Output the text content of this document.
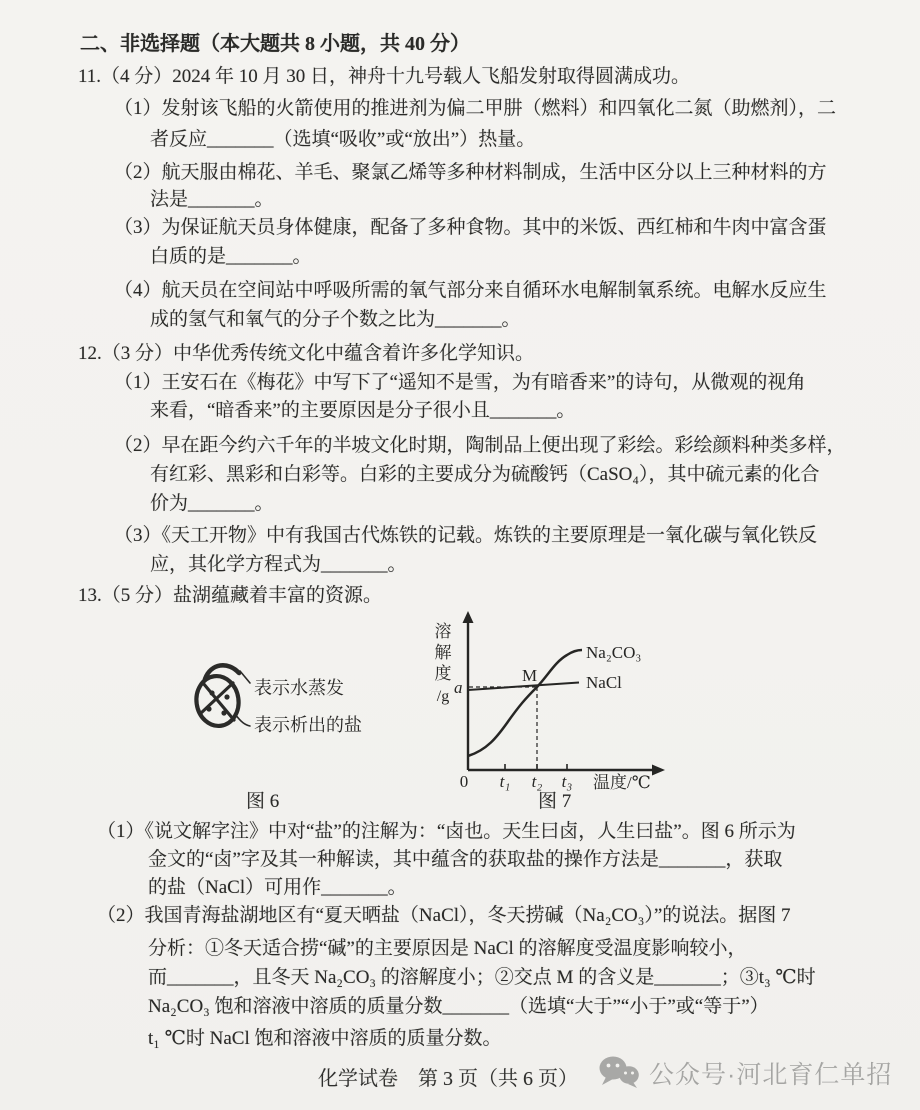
二、非选择题（本大题共 8 小题，共 40 分）
11.（4 分）2024 年 10 月 30 日，神舟十九号载人飞船发射取得圆满成功。
（1）发射该飞船的火箭使用的推进剂为偏二甲肼（燃料）和四氧化二氮（助燃剂），二
者反应_______（选填“吸收”或“放出”）热量。
（2）航天服由棉花、羊毛、聚氯乙烯等多种材料制成，生活中区分以上三种材料的方
法是_______。
（3）为保证航天员身体健康，配备了多种食物。其中的米饭、西红柿和牛肉中富含蛋
白质的是_______。
（4）航天员在空间站中呼吸所需的氧气部分来自循环水电解制氧系统。电解水反应生
成的氢气和氧气的分子个数之比为_______。
12.（3 分）中华优秀传统文化中蕴含着许多化学知识。
（1）王安石在《梅花》中写下了“遥知不是雪，为有暗香来”的诗句，从微观的视角
来看，“暗香来”的主要原因是分子很小且_______。
（2）早在距今约六千年的半坡文化时期，陶制品上便出现了彩绘。彩绘颜料种类多样，
有红彩、黑彩和白彩等。白彩的主要成分为硫酸钙（CaSO₄），其中硫元素的化合
价为_______。
（3）《天工开物》中有我国古代炼铁的记载。炼铁的主要原理是一氧化碳与氧化铁反
应，其化学方程式为_______。
13.（5 分）盐湖蕴藏着丰富的资源。
表示水蒸发
表示析出的盐
图 6
溶
解
度
/g a
M
Na₂CO₃
NaCl
0 t₁ t₂ t₃ 温度/℃
图 7
（1）《说文解字注》中对“盐”的注解为：“卤也。天生曰卤，人生曰盐”。图 6 所示为
金文的“卤”字及其一种解读，其中蕴含的获取盐的操作方法是_______，获取
的盐（NaCl）可用作_______。
（2）我国青海盐湖地区有“夏天晒盐（NaCl），冬天捞碱（Na₂CO₃）”的说法。据图 7
分析：①冬天适合捞“碱”的主要原因是 NaCl 的溶解度受温度影响较小，
而_______，且冬天 Na₂CO₃ 的溶解度小；②交点 M 的含义是_______；③t₃ ℃时
Na₂CO₃ 饱和溶液中溶质的质量分数_______（选填“大于”“小于”或“等于”）
t₁ ℃时 NaCl 饱和溶液中溶质的质量分数。
化学试卷　第 3 页（共 6 页）	公众号·河北育仁单招
